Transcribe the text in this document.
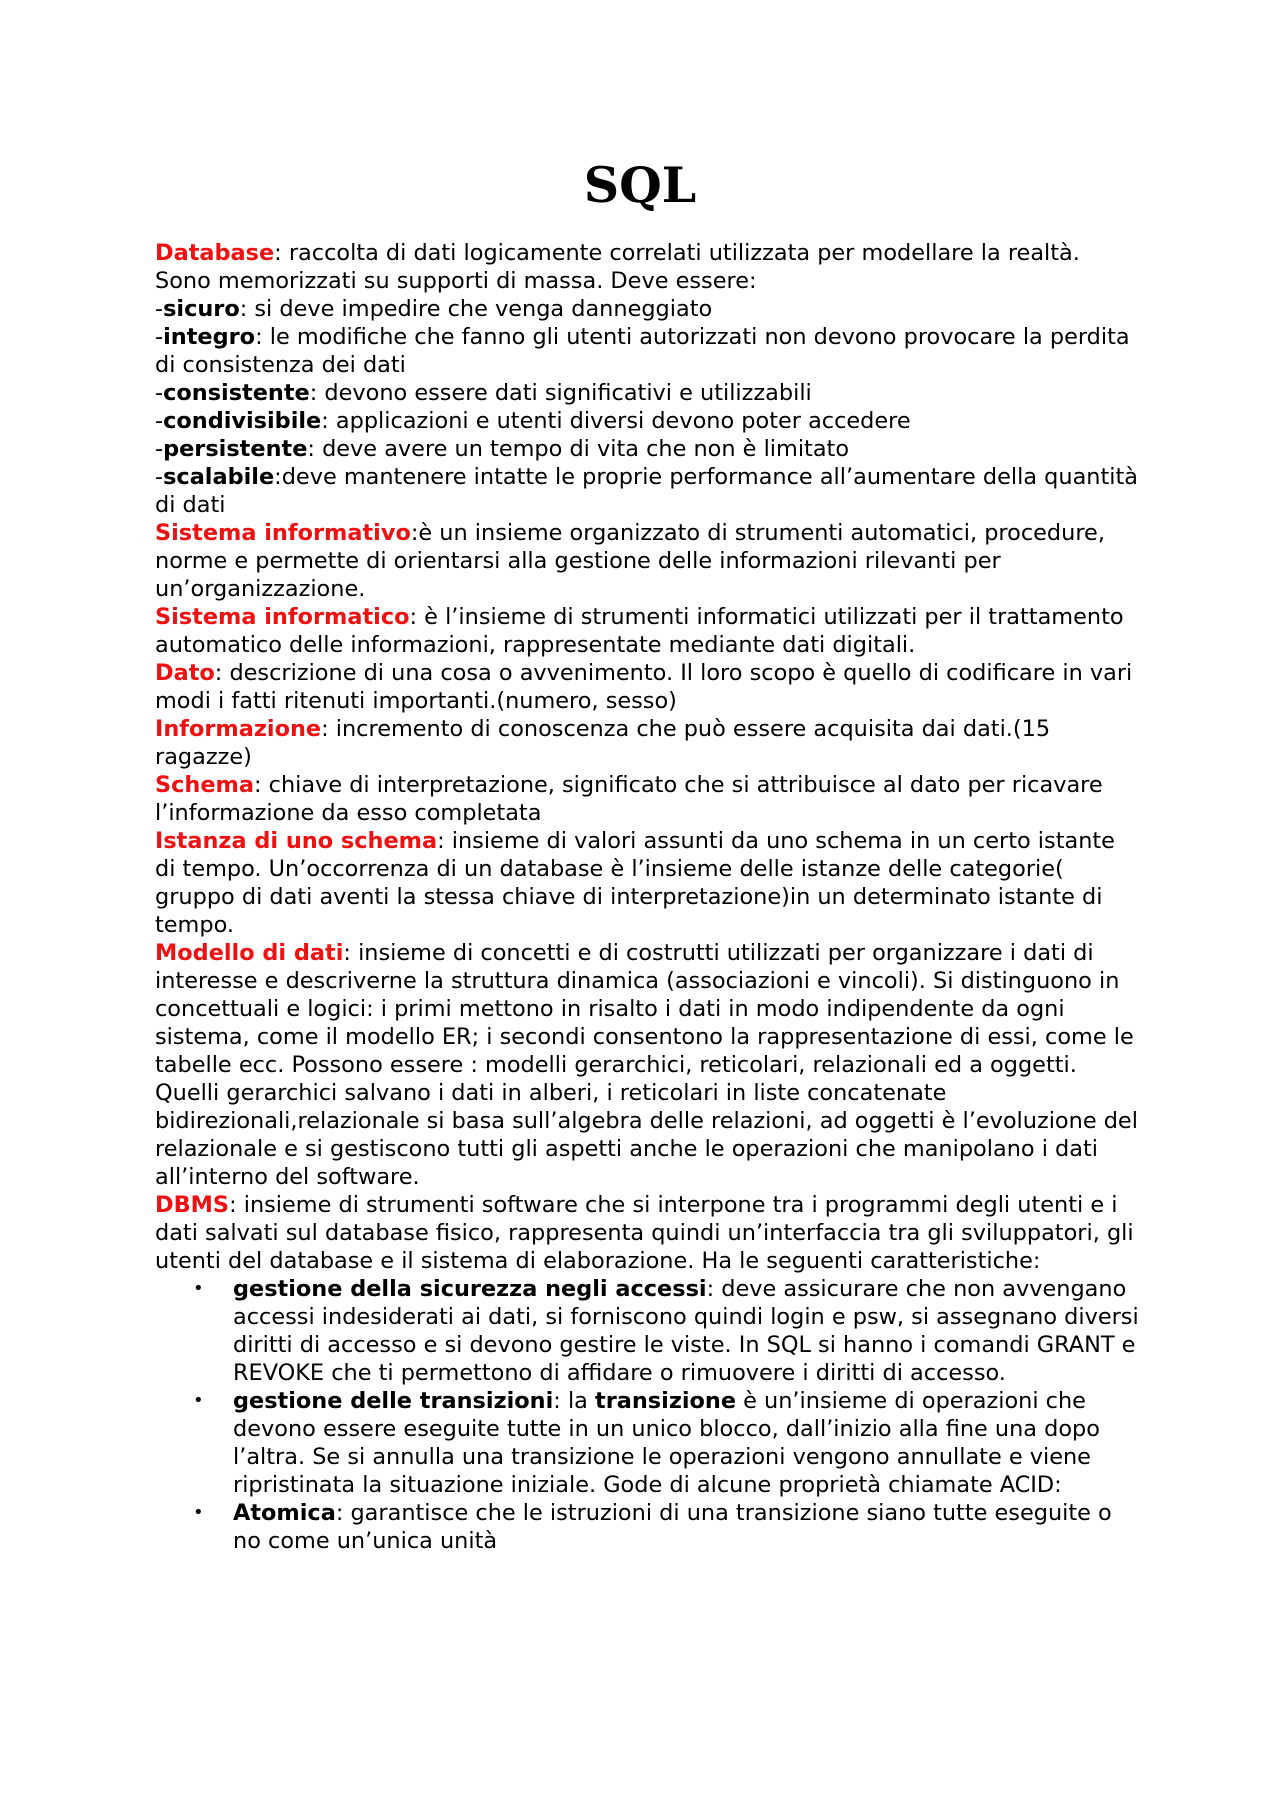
SQL

Database: raccolta di dati logicamente correlati utilizzata per modellare la realtà. Sono memorizzati su supporti di massa. Deve essere:

-sicuro: si deve impedire che venga danneggiato

-integro: le modifiche che fanno gli utenti autorizzati non devono provocare la perdita di consistenza dei dati

-consistente: devono essere dati significativi e utilizzabili

-condivisibile: applicazioni e utenti diversi devono poter accedere

-persistente: deve avere un tempo di vita che non è limitato

-scalabile:deve mantenere intatte le proprie performance all’aumentare della quantità di dati

Sistema informativo:è un insieme organizzato di strumenti automatici, procedure, norme e permette di orientarsi alla gestione delle informazioni rilevanti per un’organizzazione.

Sistema informatico: è l’insieme di strumenti informatici utilizzati per il trattamento automatico delle informazioni, rappresentate mediante dati digitali.

Dato: descrizione di una cosa o avvenimento. Il loro scopo è quello di codificare in vari modi i fatti ritenuti importanti.(numero, sesso)

Informazione: incremento di conoscenza che può essere acquisita dai dati.(15 ragazze)

Schema: chiave di interpretazione, significato che si attribuisce al dato per ricavare l’informazione da esso completata

Istanza di uno schema: insieme di valori assunti da uno schema in un certo istante di tempo. Un’occorrenza di un database è l’insieme delle istanze delle categorie( gruppo di dati aventi la stessa chiave di interpretazione)in un determinato istante di tempo.

Modello di dati: insieme di concetti e di costrutti utilizzati per organizzare i dati di interesse e descriverne la struttura dinamica (associazioni e vincoli). Si distinguono in concettuali e logici: i primi mettono in risalto i dati in modo indipendente da ogni sistema, come il modello ER; i secondi consentono la rappresentazione di essi, come le tabelle ecc. Possono essere : modelli gerarchici, reticolari, relazionali ed a oggetti. Quelli gerarchici salvano i dati in alberi, i reticolari in liste concatenate bidirezionali,relazionale si basa sull’algebra delle relazioni, ad oggetti è l’evoluzione del relazionale e si gestiscono tutti gli aspetti anche le operazioni che manipolano i dati all’interno del software.

DBMS: insieme di strumenti software che si interpone tra i programmi degli utenti e i dati salvati sul database fisico, rappresenta quindi un’interfaccia tra gli sviluppatori, gli utenti del database e il sistema di elaborazione. Ha le seguenti caratteristiche:

• gestione della sicurezza negli accessi: deve assicurare che non avvengano accessi indesiderati ai dati, si forniscono quindi login e psw, si assegnano diversi diritti di accesso e si devono gestire le viste. In SQL si hanno i comandi GRANT e REVOKE che ti permettono di affidare o rimuovere i diritti di accesso.
• gestione delle transizioni: la transizione è un’insieme di operazioni che devono essere eseguite tutte in un unico blocco, dall’inizio alla fine una dopo l’altra. Se si annulla una transizione le operazioni vengono annullate e viene ripristinata la situazione iniziale. Gode di alcune proprietà chiamate ACID:
• Atomica: garantisce che le istruzioni di una transizione siano tutte eseguite o no come un’unica unità
